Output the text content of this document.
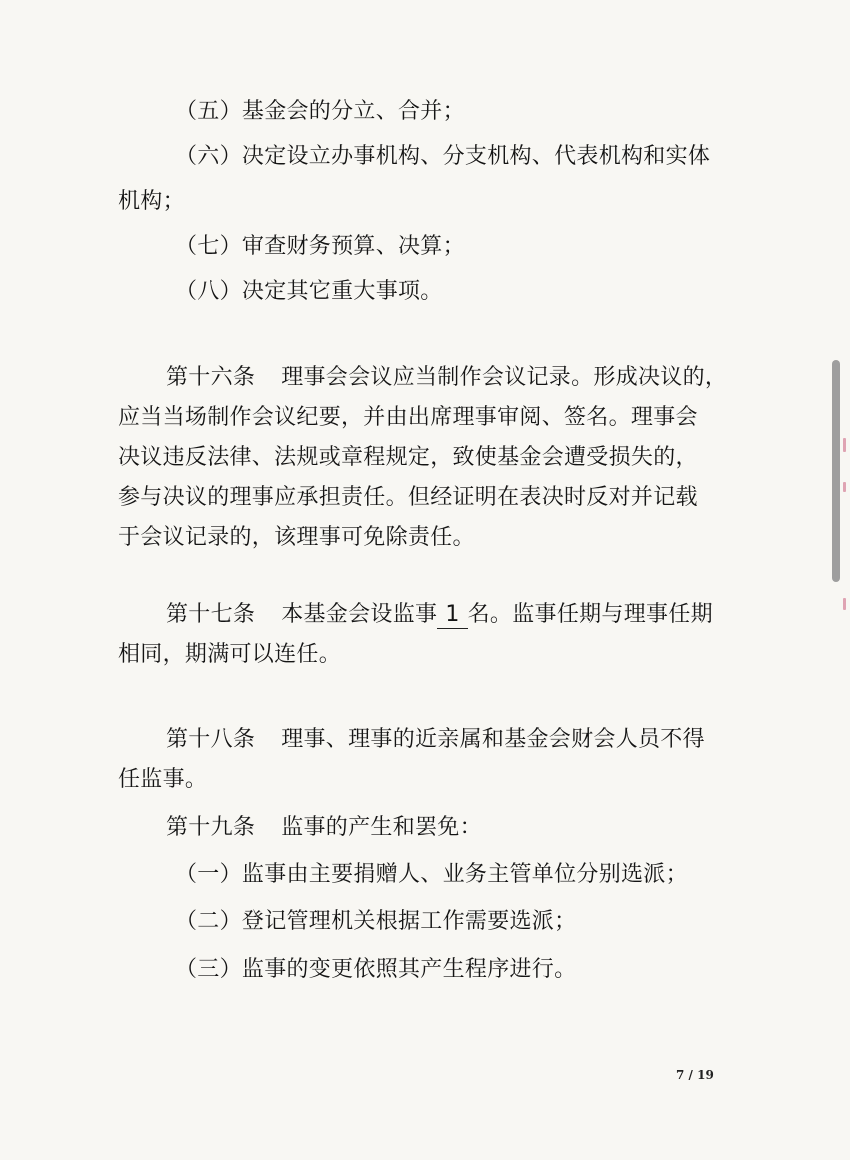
（五）基金会的分立、合并；
（六）决定设立办事机构、分支机构、代表机构和实体
机构；
（七）审查财务预算、决算；
（八）决定其它重大事项。
第十六条 理事会会议应当制作会议记录。形成决议的，
应当当场制作会议纪要，并由出席理事审阅、签名。理事会
决议违反法律、法规或章程规定，致使基金会遭受损失的，
参与决议的理事应承担责任。但经证明在表决时反对并记载
于会议记录的，该理事可免除责任。
第十七条 本基金会设监事 1 名。监事任期与理事任期
相同，期满可以连任。
第十八条 理事、理事的近亲属和基金会财会人员不得
任监事。
第十九条 监事的产生和罢免：
（一）监事由主要捐赠人、业务主管单位分别选派；
（二）登记管理机关根据工作需要选派；
（三）监事的变更依照其产生程序进行。
7 / 19
